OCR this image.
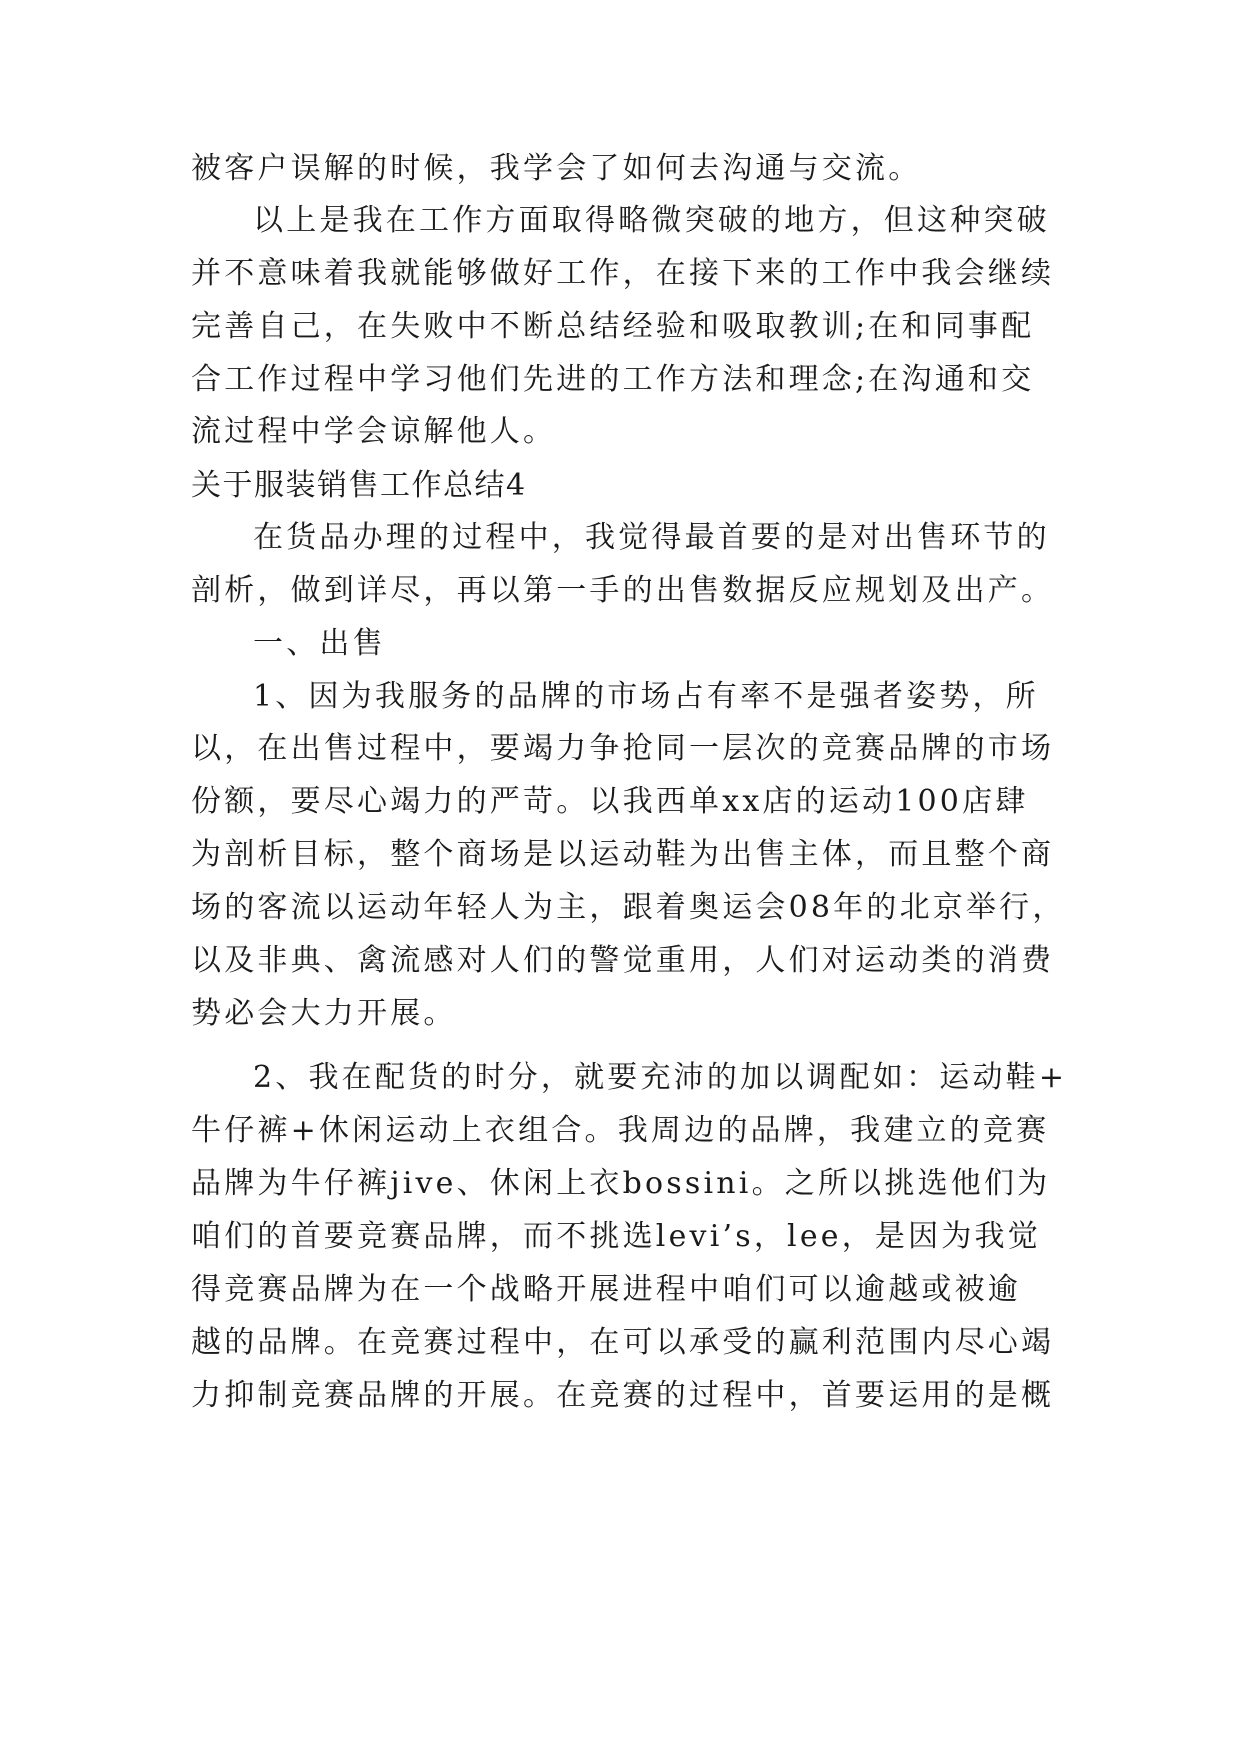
被客户误解的时候，我学会了如何去沟通与交流。

以上是我在工作方面取得略微突破的地方，但这种突破

并不意味着我就能够做好工作，在接下来的工作中我会继续

完善自己，在失败中不断总结经验和吸取教训;在和同事配

合工作过程中学习他们先进的工作方法和理念;在沟通和交

流过程中学会谅解他人。

关于服装销售工作总结4

在货品办理的过程中，我觉得最首要的是对出售环节的

剖析，做到详尽，再以第一手的出售数据反应规划及出产。

一、出售

1、因为我服务的品牌的市场占有率不是强者姿势，所

以，在出售过程中，要竭力争抢同一层次的竞赛品牌的市场

份额，要尽心竭力的严苛。以我西单xx店的运动100店肆

为剖析目标，整个商场是以运动鞋为出售主体，而且整个商

场的客流以运动年轻人为主，跟着奥运会08年的北京举行，

以及非典、禽流感对人们的警觉重用，人们对运动类的消费

势必会大力开展。

2、我在配货的时分，就要充沛的加以调配如：运动鞋+

牛仔裤+休闲运动上衣组合。我周边的品牌，我建立的竞赛

品牌为牛仔裤jive、休闲上衣bossini。之所以挑选他们为

咱们的首要竞赛品牌，而不挑选levi’s，lee，是因为我觉

得竞赛品牌为在一个战略开展进程中咱们可以逾越或被逾

越的品牌。在竞赛过程中，在可以承受的赢利范围内尽心竭

力抑制竞赛品牌的开展。在竞赛的过程中，首要运用的是概
